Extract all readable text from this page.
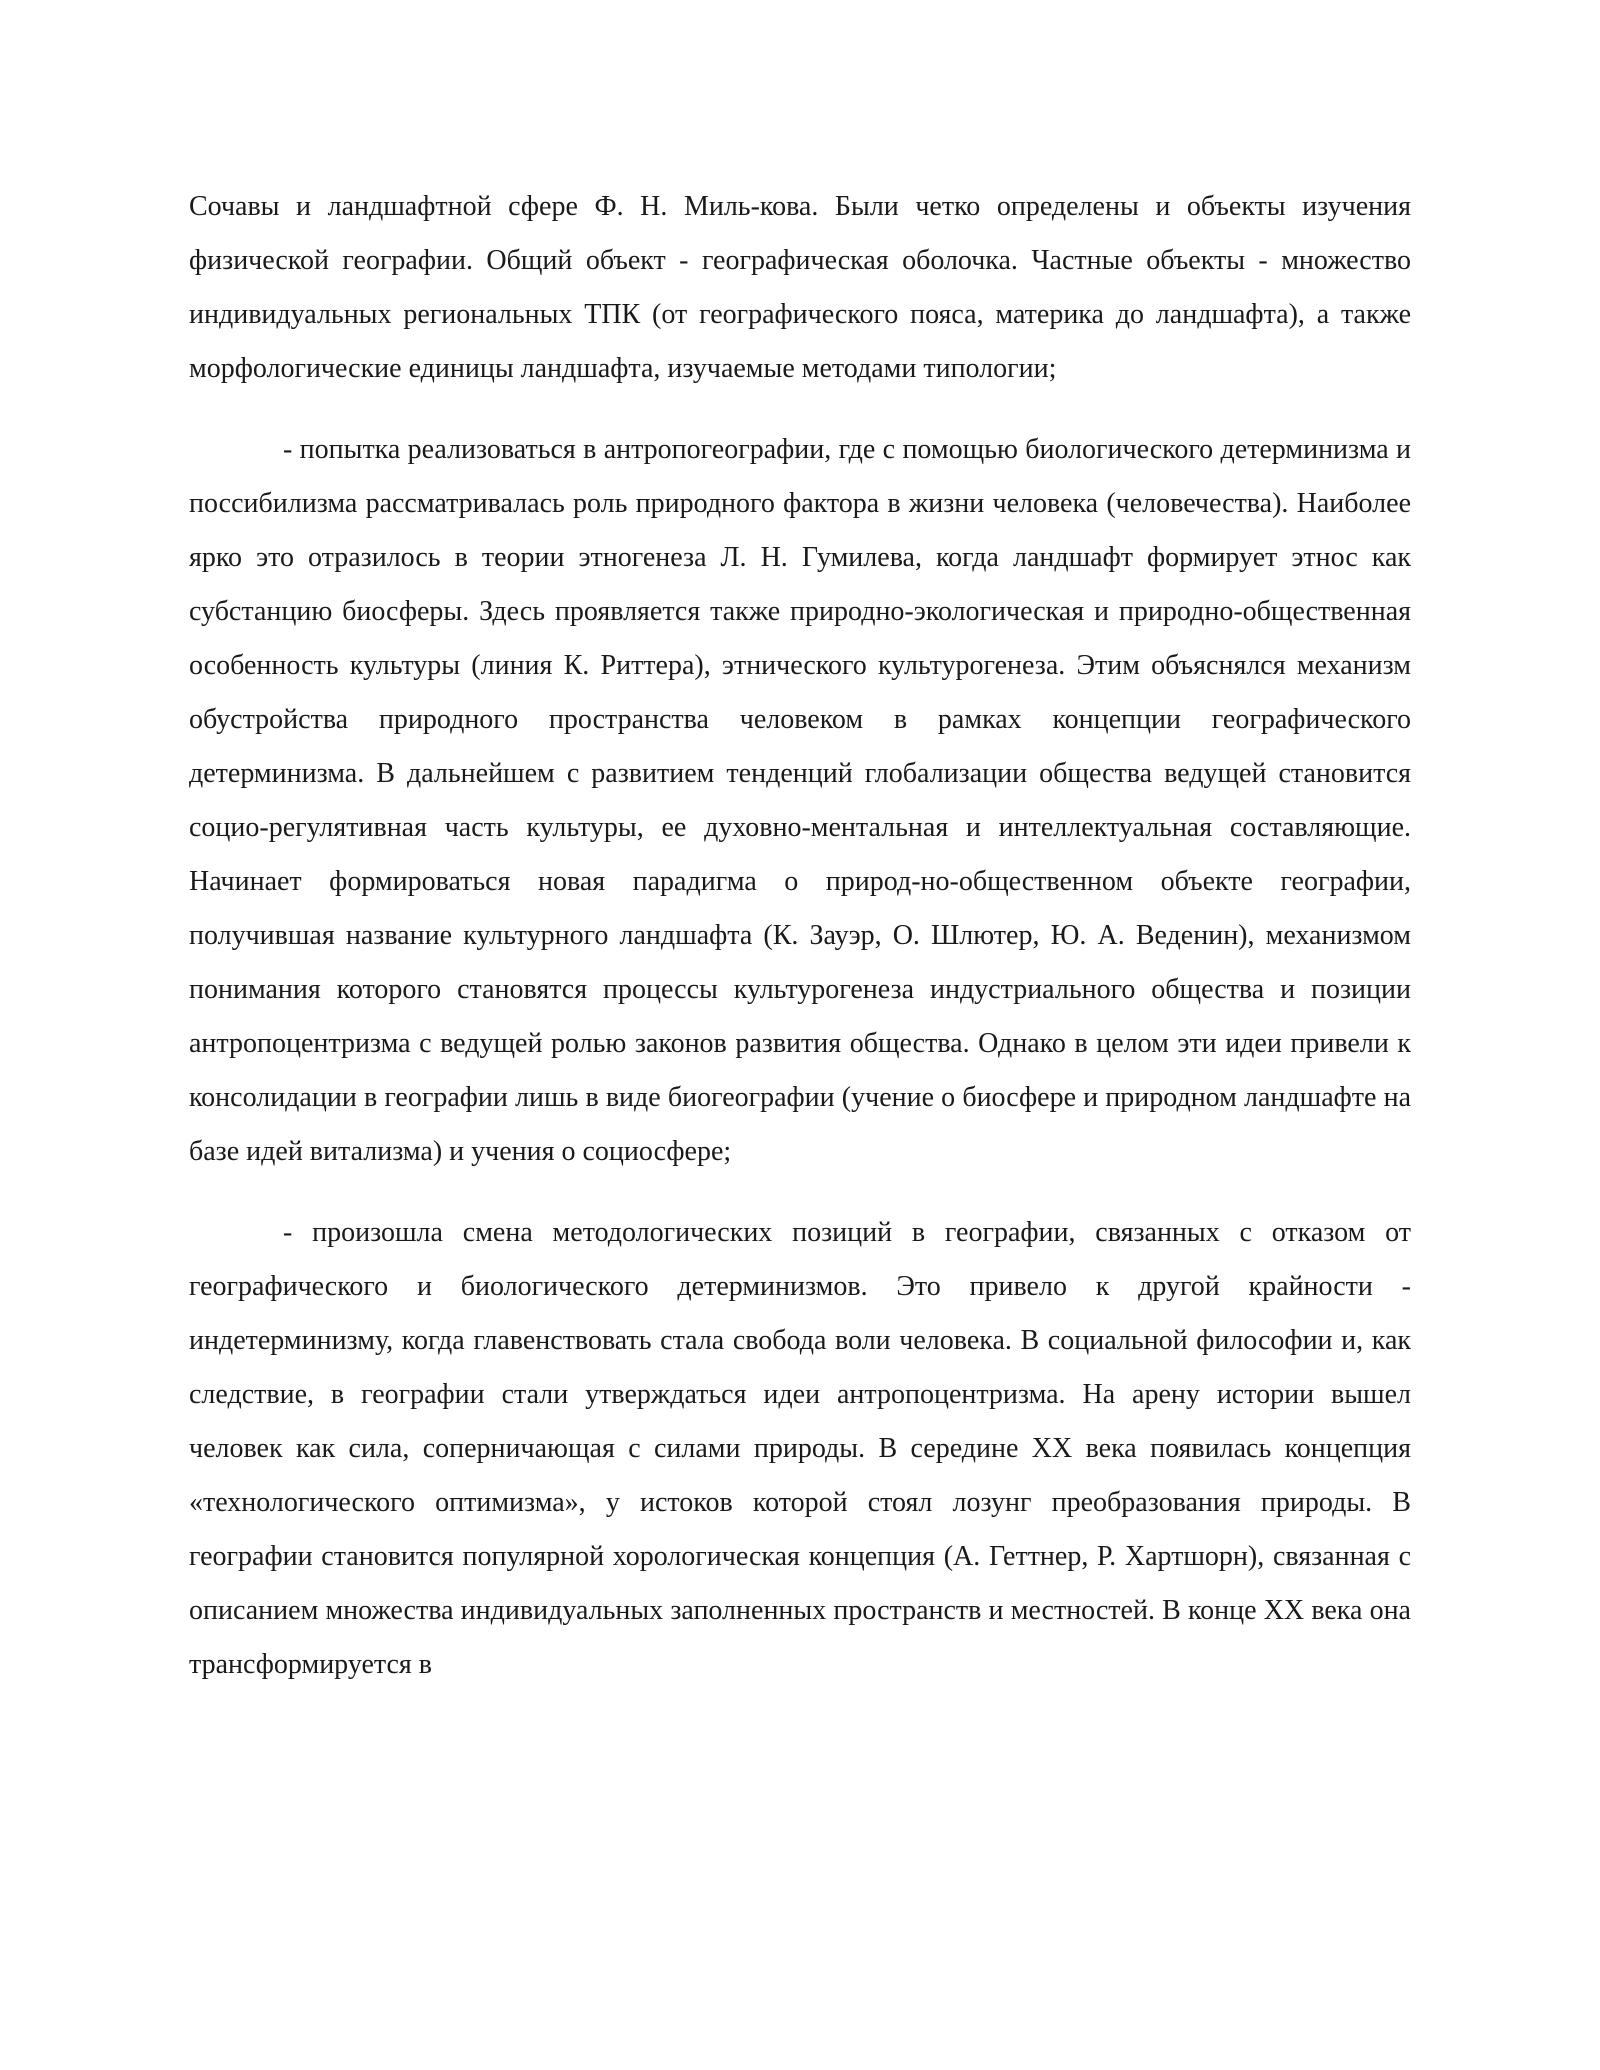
Сочавы и ландшафтной сфере Ф. Н. Миль-кова. Были четко определены и объекты изучения физической географии. Общий объект - географическая оболочка. Частные объекты - множество индивидуальных региональных ТПК (от географического пояса, материка до ландшафта), а также морфологические единицы ландшафта, изучаемые методами типологии;

- попытка реализоваться в антропогеографии, где с помощью биологического детерминизма и поссибилизма рассматривалась роль природного фактора в жизни человека (человечества). Наиболее ярко это отразилось в теории этногенеза Л. Н. Гумилева, когда ландшафт формирует этнос как субстанцию биосферы. Здесь проявляется также природно-экологическая и природно-общественная особенность культуры (линия К. Риттера), этнического культурогенеза. Этим объяснялся механизм обустройства природного пространства человеком в рамках концепции географического детерминизма. В дальнейшем с развитием тенденций глобализации общества ведущей становится социо-регулятивная часть культуры, ее духовно-ментальная и интеллектуальная составляющие. Начинает формироваться новая парадигма о природ-но-общественном объекте географии, получившая название культурного ландшафта (К. Зауэр, О. Шлютер, Ю. А. Веденин), механизмом понимания которого становятся процессы культурогенеза индустриального общества и позиции антропоцентризма с ведущей ролью законов развития общества. Однако в целом эти идеи привели к консолидации в географии лишь в виде биогеографии (учение о биосфере и природном ландшафте на базе идей витализма) и учения о социосфере;

- произошла смена методологических позиций в географии, связанных с отказом от географического и биологического детерминизмов. Это привело к другой крайности - индетерминизму, когда главенствовать стала свобода воли человека. В социальной философии и, как следствие, в географии стали утверждаться идеи антропоцентризма. На арену истории вышел человек как сила, соперничающая с силами природы. В середине XX века появилась концепция «технологического оптимизма», у истоков которой стоял лозунг преобразования природы. В географии становится популярной хорологическая концепция (А. Геттнер, Р. Хартшорн), связанная с описанием множества индивидуальных заполненных пространств и местностей. В конце XX века она трансформируется в
